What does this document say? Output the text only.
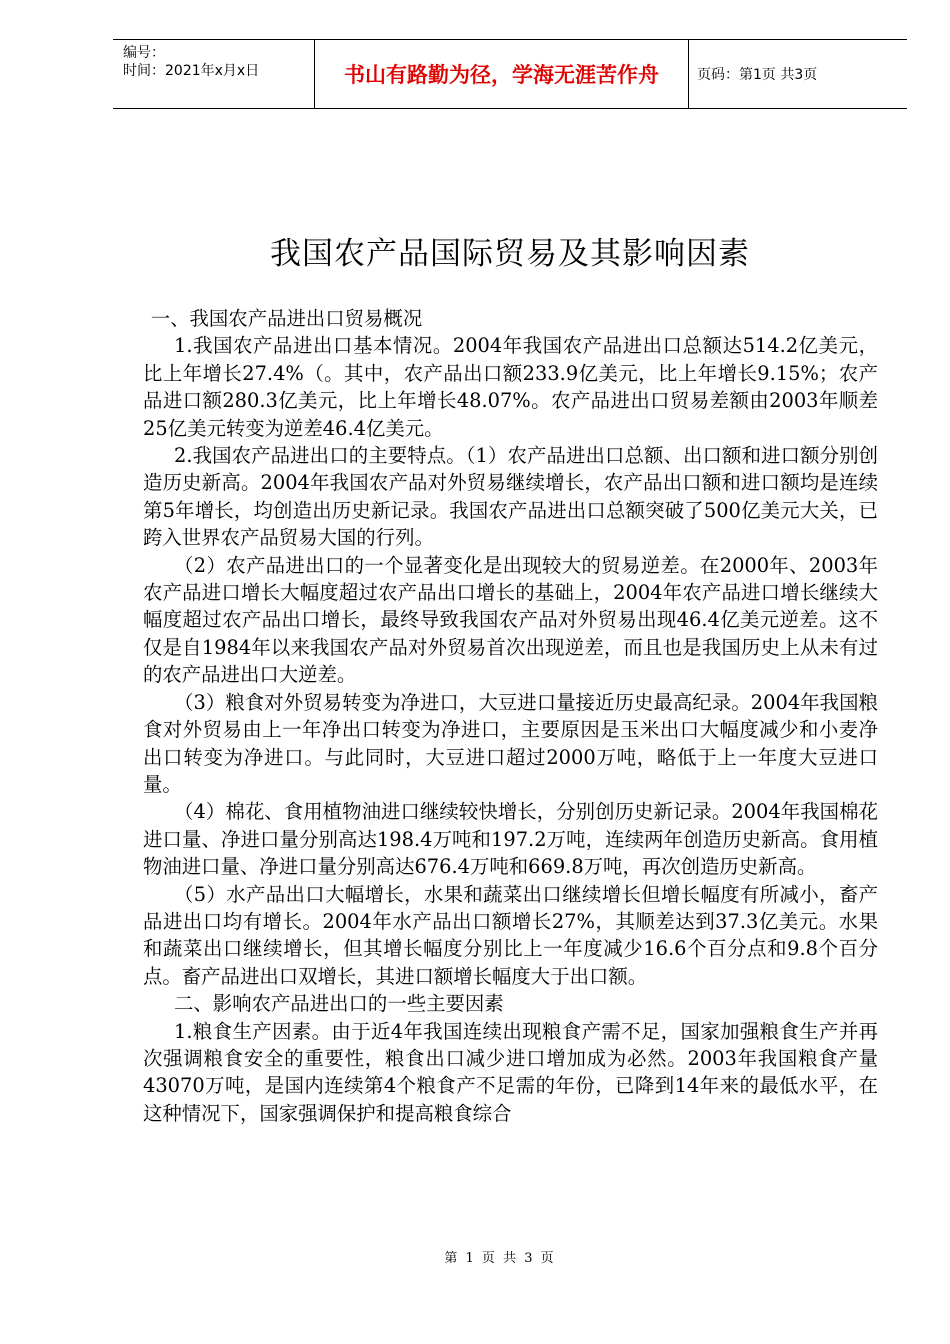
编号：
时间：2021年x月x日	书山有路勤为径，学海无涯苦作舟	页码：第1页 共3页
我国农产品国际贸易及其影响因素

一、我国农产品进出口贸易概况

1.我国农产品进出口基本情况。2004年我国农产品进出口总额达514.2亿美元，比上年增长27.4%（。其中，农产品出口额233.9亿美元，比上年增长9.15%；农产品进口额280.3亿美元，比上年增长48.07%。农产品进出口贸易差额由2003年顺差25亿美元转变为逆差46.4亿美元。

2.我国农产品进出口的主要特点。（1）农产品进出口总额、出口额和进口额分别创造历史新高。2004年我国农产品对外贸易继续增长，农产品出口额和进口额均是连续第5年增长，均创造出历史新记录。我国农产品进出口总额突破了500亿美元大关，已跨入世界农产品贸易大国的行列。

（2）农产品进出口的一个显著变化是出现较大的贸易逆差。在2000年、2003年农产品进口增长大幅度超过农产品出口增长的基础上，2004年农产品进口增长继续大幅度超过农产品出口增长，最终导致我国农产品对外贸易出现46.4亿美元逆差。这不仅是自1984年以来我国农产品对外贸易首次出现逆差，而且也是我国历史上从未有过的农产品进出口大逆差。

（3）粮食对外贸易转变为净进口，大豆进口量接近历史最高纪录。2004年我国粮食对外贸易由上一年净出口转变为净进口，主要原因是玉米出口大幅度减少和小麦净出口转变为净进口。与此同时，大豆进口超过2000万吨，略低于上一年度大豆进口量。

（4）棉花、食用植物油进口继续较快增长，分别创历史新记录。2004年我国棉花进口量、净进口量分别高达198.4万吨和197.2万吨，连续两年创造历史新高。食用植物油进口量、净进口量分别高达676.4万吨和669.8万吨，再次创造历史新高。

（5）水产品出口大幅增长，水果和蔬菜出口继续增长但增长幅度有所减小，畜产品进出口均有增长。2004年水产品出口额增长27%，其顺差达到37.3亿美元。水果和蔬菜出口继续增长，但其增长幅度分别比上一年度减少16.6个百分点和9.8个百分点。畜产品进出口双增长，其进口额增长幅度大于出口额。

二、影响农产品进出口的一些主要因素

1.粮食生产因素。由于近4年我国连续出现粮食产需不足，国家加强粮食生产并再次强调粮食安全的重要性，粮食出口减少进口增加成为必然。2003年我国粮食产量43070万吨，是国内连续第4个粮食产不足需的年份，已降到14年来的最低水平，在这种情况下，国家强调保护和提高粮食综合

第 1 页 共 3 页
